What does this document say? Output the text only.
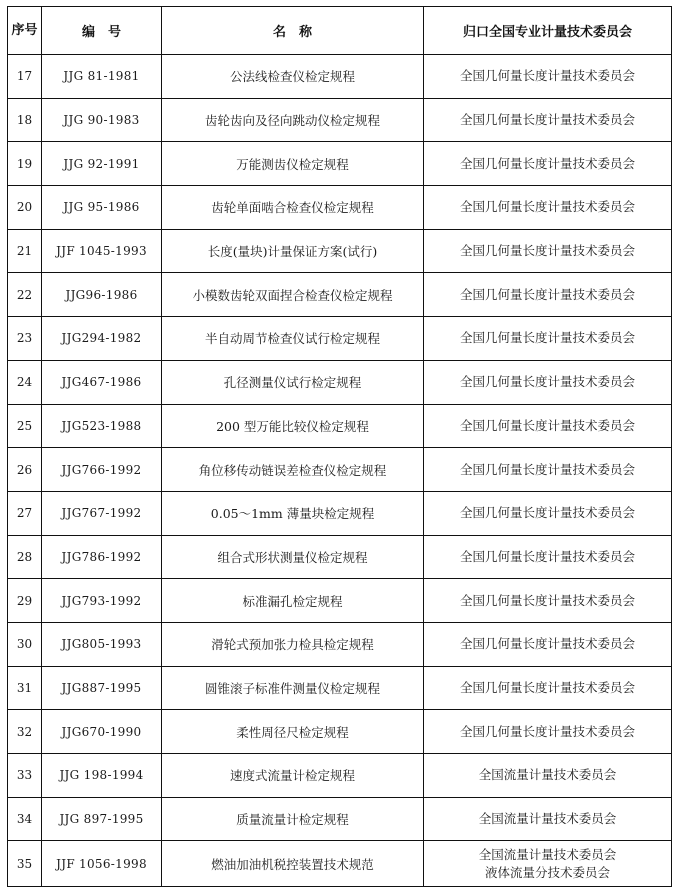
序号	编　号	名　称	归口全国专业计量技术委员会
17	JJG 81-1981	公法线检查仪检定规程	全国几何量长度计量技术委员会

18	JJG 90-1983	齿轮齿向及径向跳动仪检定规程	全国几何量长度计量技术委员会

19	JJG 92-1991	万能测齿仪检定规程	全国几何量长度计量技术委员会

20	JJG 95-1986	齿轮单面啮合检查仪检定规程	全国几何量长度计量技术委员会

21	JJF 1045-1993	长度(量块)计量保证方案(试行)	全国几何量长度计量技术委员会

22	JJG96-1986	小模数齿轮双面捏合检查仪检定规程	全国几何量长度计量技术委员会

23	JJG294-1982	半自动周节检查仪试行检定规程	全国几何量长度计量技术委员会

24	JJG467-1986	孔径测量仪试行检定规程	全国几何量长度计量技术委员会

25	JJG523-1988	200 型万能比较仪检定规程	全国几何量长度计量技术委员会

26	JJG766-1992	角位移传动链误差检查仪检定规程	全国几何量长度计量技术委员会

27	JJG767-1992	0.05～1mm 薄量块检定规程	全国几何量长度计量技术委员会

28	JJG786-1992	组合式形状测量仪检定规程	全国几何量长度计量技术委员会

29	JJG793-1992	标准漏孔检定规程	全国几何量长度计量技术委员会

30	JJG805-1993	滑轮式预加张力检具检定规程	全国几何量长度计量技术委员会

31	JJG887-1995	圆锥滚子标准件测量仪检定规程	全国几何量长度计量技术委员会

32	JJG670-1990	柔性周径尺检定规程	全国几何量长度计量技术委员会

33	JJG 198-1994	速度式流量计检定规程	全国流量计量技术委员会

34	JJG 897-1995	质量流量计检定规程	全国流量计量技术委员会

35	JJF 1056-1998	燃油加油机税控装置技术规范	全国流量计量技术委员会
液体流量分技术委员会
